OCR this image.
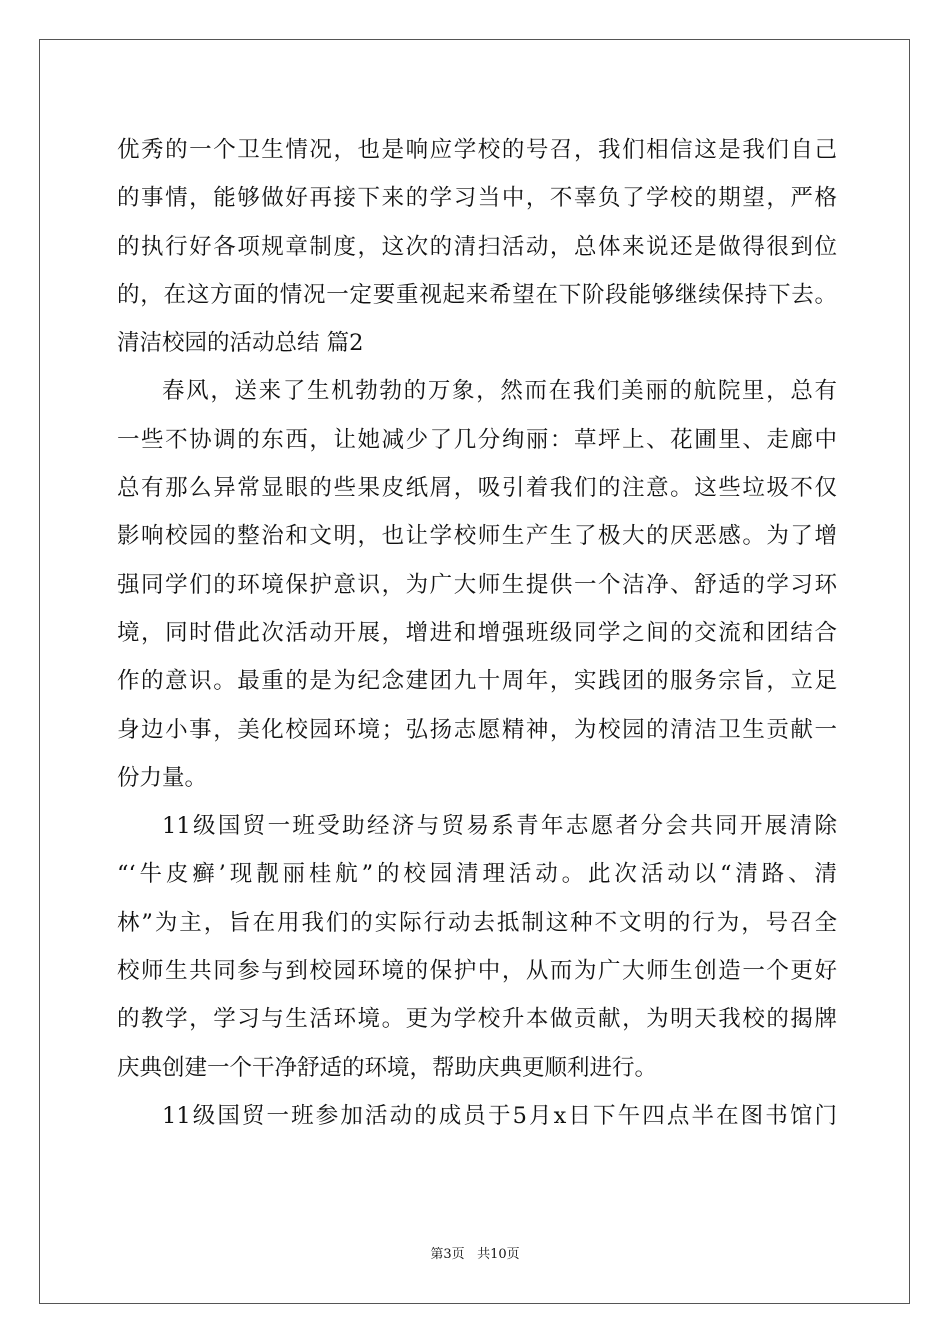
优秀的一个卫生情况，也是响应学校的号召，我们相信这是我们自己
的事情，能够做好再接下来的学习当中，不辜负了学校的期望，严格
的执行好各项规章制度，这次的清扫活动，总体来说还是做得很到位
的，在这方面的情况一定要重视起来希望在下阶段能够继续保持下去。
清洁校园的活动总结 篇2
春风，送来了生机勃勃的万象，然而在我们美丽的航院里，总有
一些不协调的东西，让她减少了几分绚丽：草坪上、花圃里、走廊中
总有那么异常显眼的些果皮纸屑，吸引着我们的注意。这些垃圾不仅
影响校园的整治和文明，也让学校师生产生了极大的厌恶感。为了增
强同学们的环境保护意识，为广大师生提供一个洁净、舒适的学习环
境，同时借此次活动开展，增进和增强班级同学之间的交流和团结合
作的意识。最重的是为纪念建团九十周年，实践团的服务宗旨，立足
身边小事，美化校园环境；弘扬志愿精神，为校园的清洁卫生贡献一
份力量。
11级国贸一班受助经济与贸易系青年志愿者分会共同开展清除
“‘牛皮癣’现靓丽桂航”的校园清理活动。此次活动以“清路、清
林”为主，旨在用我们的实际行动去抵制这种不文明的行为，号召全
校师生共同参与到校园环境的保护中，从而为广大师生创造一个更好
的教学，学习与生活环境。更为学校升本做贡献，为明天我校的揭牌
庆典创建一个干净舒适的环境，帮助庆典更顺利进行。
11级国贸一班参加活动的成员于5月x日下午四点半在图书馆门
第3页 共10页
